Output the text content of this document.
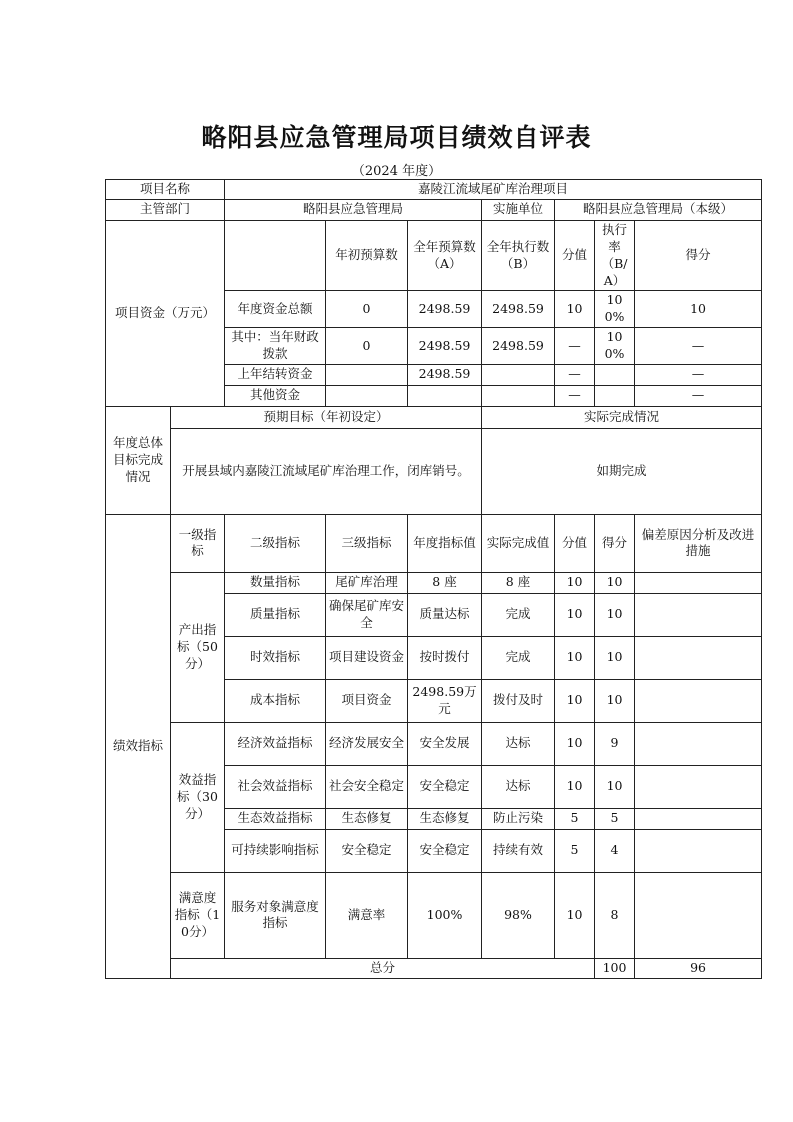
略阳县应急管理局项目绩效自评表
（2024 年度）
项目名称		嘉陵江流域尾矿库治理项目							
主管部门		略阳县应急管理局			实施单位	略阳县应急管理局（本级）			
项目资金（万元）			年初预算数	全年预算数（A）	全年执行数（B）	分值	执行率（B/A）	得分	
		年度资金总额	0	2498.59	2498.59	10	100%	10	
		其中：当年财政拨款	0	2498.59	2498.59	—	100%	—	
		上年结转资金		2498.59		—		—	
		其他资金				—		—	
年度总体目标完成情况	预期目标（年初设定）				实际完成情况				
	开展县域内嘉陵江流域尾矿库治理工作，闭库销号。				如期完成				
绩效指标	一级指标	二级指标	三级指标	年度指标值	实际完成值	分值	得分	偏差原因分析及改进措施	
	产出指标（50分）	数量指标	尾矿库治理	8 座	8 座	10	10		
		质量指标	确保尾矿库安全	质量达标	完成	10	10		
		时效指标	项目建设资金	按时拨付	完成	10	10		
		成本指标	项目资金	2498.59万元	拨付及时	10	10		
	效益指标（30分）	经济效益指标	经济发展安全	安全发展	达标	10	9		
		社会效益指标	社会安全稳定	安全稳定	达标	10	10		
		生态效益指标	生态修复	生态修复	防止污染	5	5		
		可持续影响指标	安全稳定	安全稳定	持续有效	5	4		
	满意度指标（10分）	服务对象满意度指标	满意率	100%	98%	10	8		
	总分						100	96	
